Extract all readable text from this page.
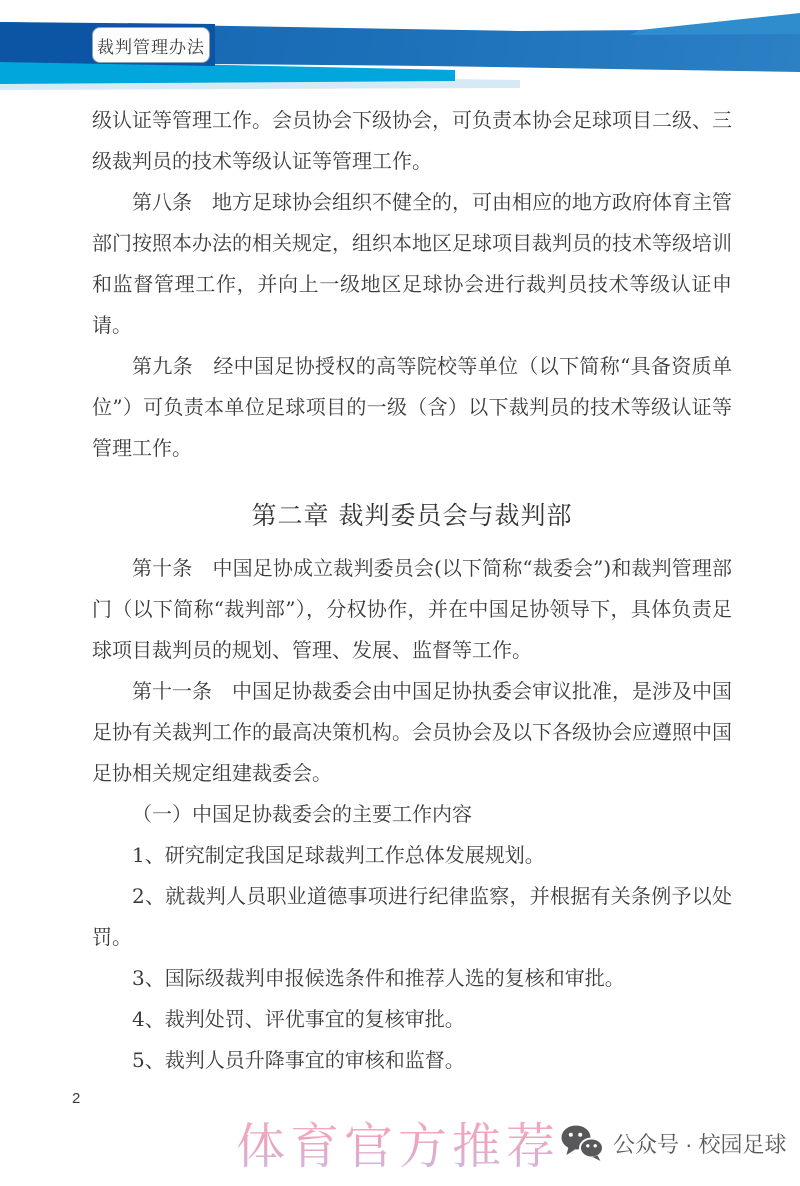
裁判管理办法

级认证等管理工作。会员协会下级协会，可负责本协会足球项目二级、三级裁判员的技术等级认证等管理工作。

第八条　地方足球协会组织不健全的，可由相应的地方政府体育主管部门按照本办法的相关规定，组织本地区足球项目裁判员的技术等级培训和监督管理工作，并向上一级地区足球协会进行裁判员技术等级认证申请。

第九条　经中国足协授权的高等院校等单位（以下简称“具备资质单位”）可负责本单位足球项目的一级（含）以下裁判员的技术等级认证等管理工作。

第二章 裁判委员会与裁判部

第十条　中国足协成立裁判委员会(以下简称“裁委会”)和裁判管理部门（以下简称“裁判部”），分权协作，并在中国足协领导下，具体负责足球项目裁判员的规划、管理、发展、监督等工作。

第十一条　中国足协裁委会由中国足协执委会审议批准，是涉及中国足协有关裁判工作的最高决策机构。会员协会及以下各级协会应遵照中国足协相关规定组建裁委会。

（一）中国足协裁委会的主要工作内容

1、研究制定我国足球裁判工作总体发展规划。

2、就裁判人员职业道德事项进行纪律监察，并根据有关条例予以处罚。

3、国际级裁判申报候选条件和推荐人选的复核和审批。

4、裁判处罚、评优事宜的复核审批。

5、裁判人员升降事宜的审核和监督。

2
体育官方推荐 公众号 · 校园足球
